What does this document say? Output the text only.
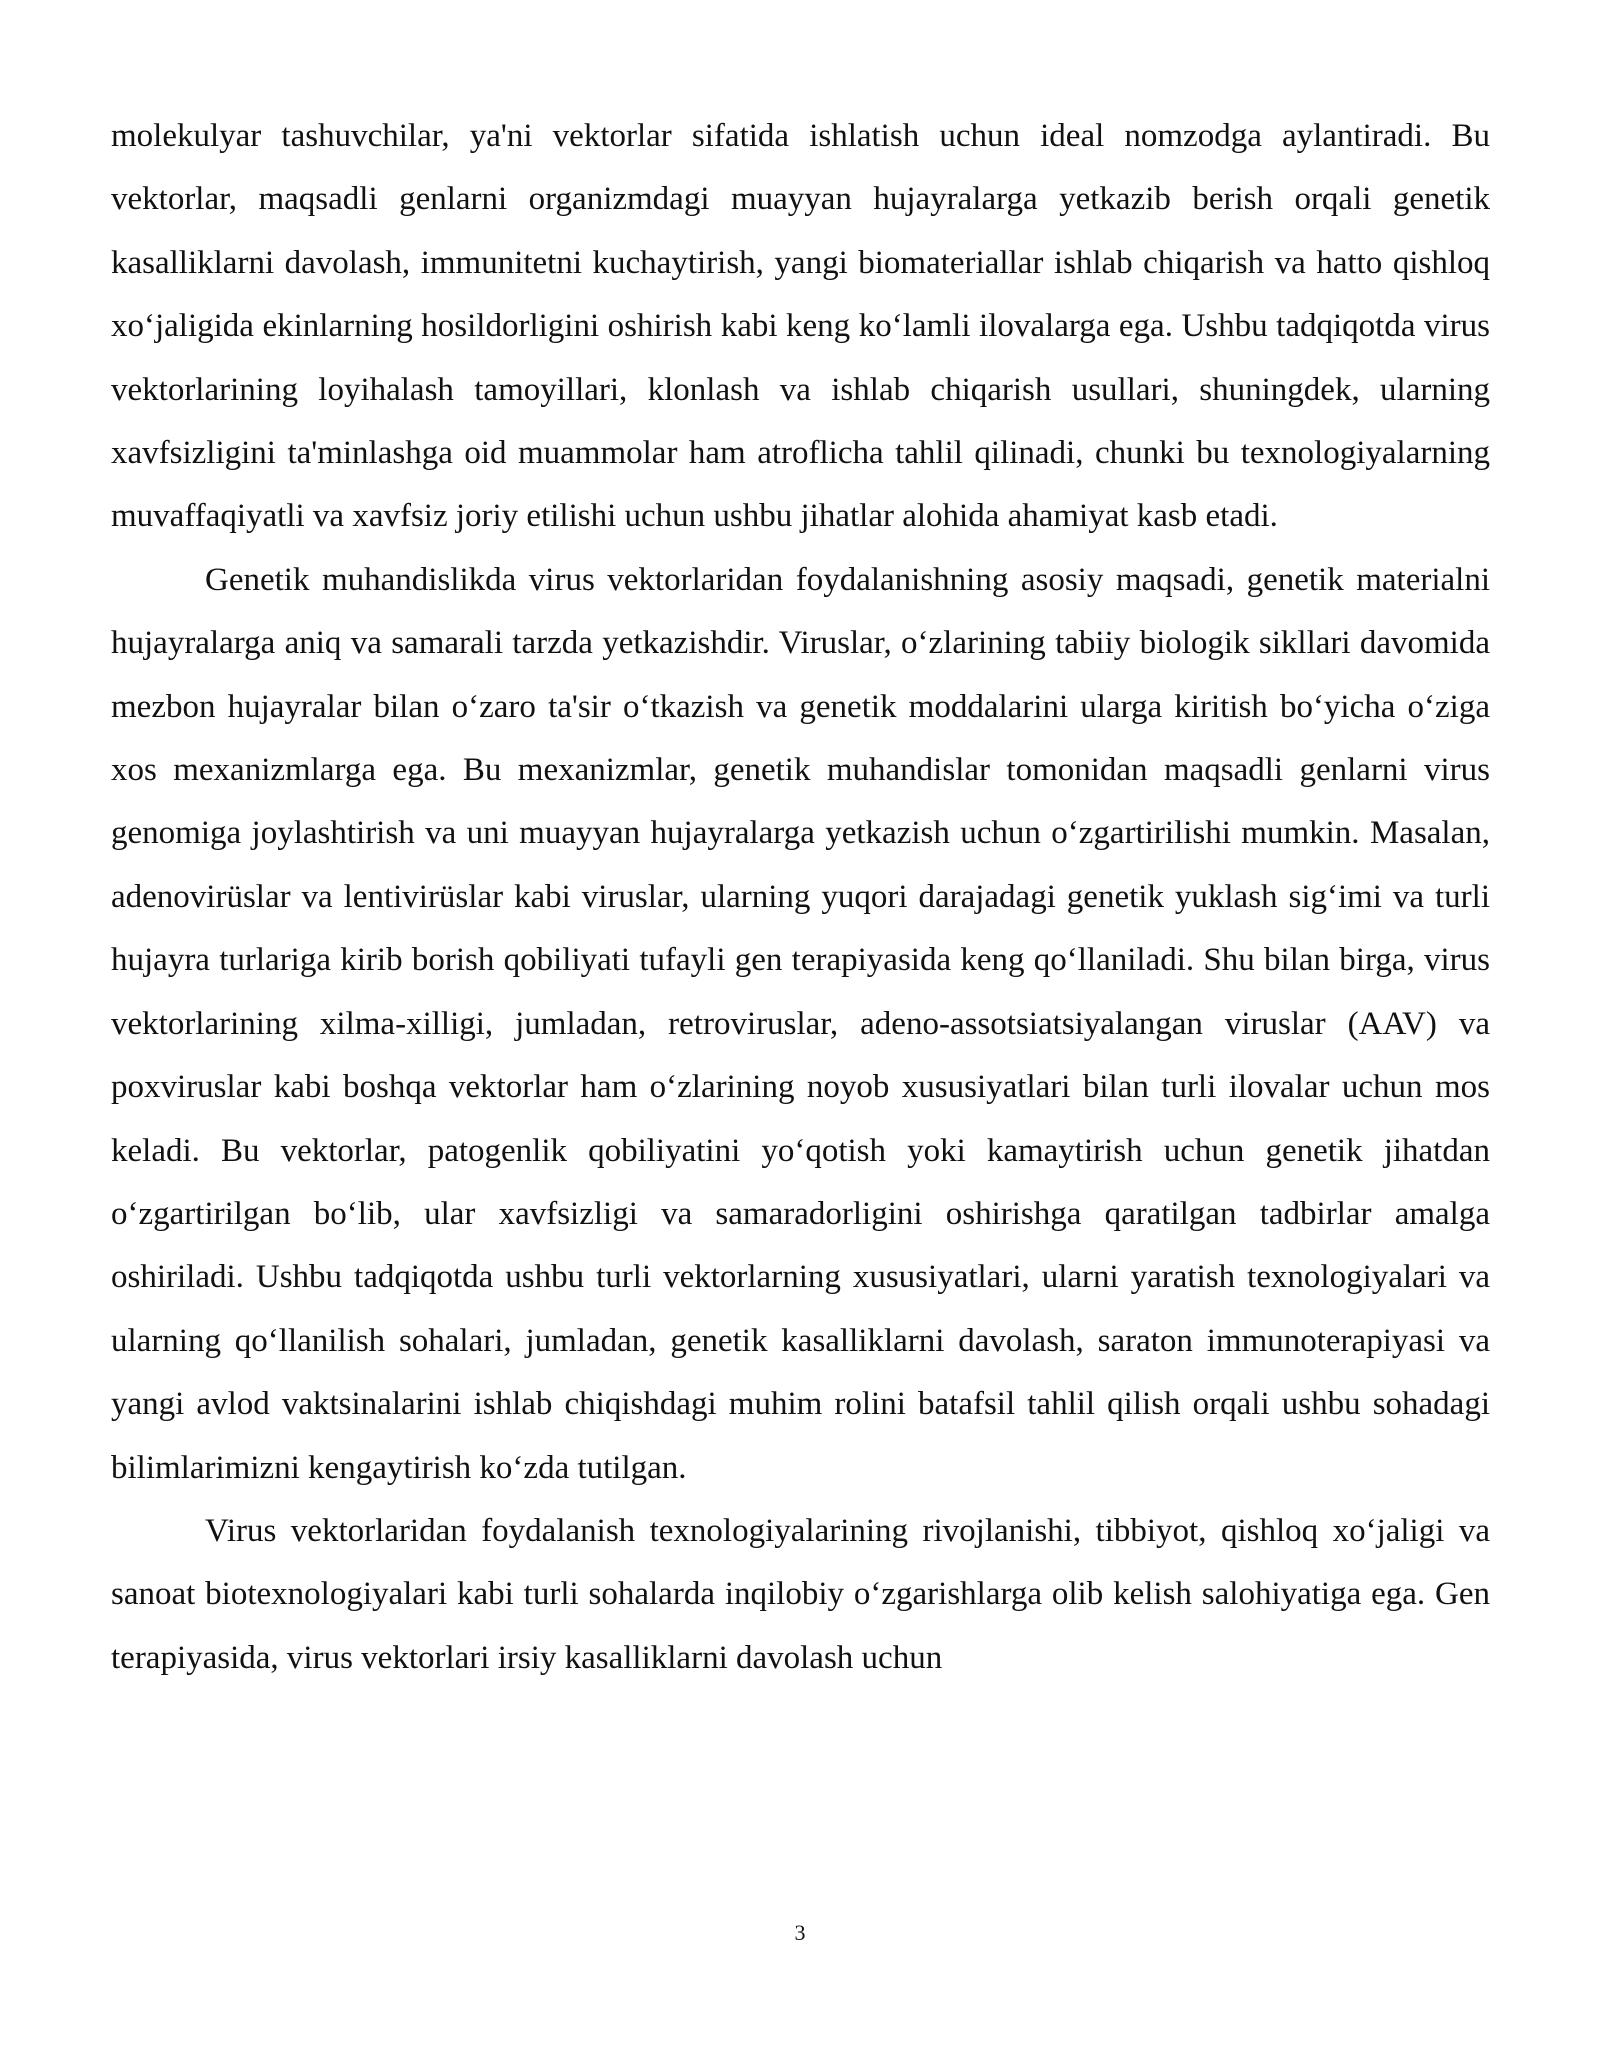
molekulyar tashuvchilar, ya'ni vektorlar sifatida ishlatish uchun ideal nomzodga aylantiradi. Bu vektorlar, maqsadli genlarni organizmdagi muayyan hujayralarga yetkazib berish orqali genetik kasalliklarni davolash, immunitetni kuchaytirish, yangi biomateriallar ishlab chiqarish va hatto qishloq xo‘jaligida ekinlarning hosildorligini oshirish kabi keng ko‘lamli ilovalarga ega. Ushbu tadqiqotda virus vektorlarining loyihalash tamoyillari, klonlash va ishlab chiqarish usullari, shuningdek, ularning xavfsizligini ta'minlashga oid muammolar ham atroflicha tahlil qilinadi, chunki bu texnologiyalarning muvaffaqiyatli va xavfsiz joriy etilishi uchun ushbu jihatlar alohida ahamiyat kasb etadi.

Genetik muhandislikda virus vektorlaridan foydalanishning asosiy maqsadi, genetik materialni hujayralarga aniq va samarali tarzda yetkazishdir. Viruslar, o‘zlarining tabiiy biologik sikllari davomida mezbon hujayralar bilan o‘zaro ta'sir o‘tkazish va genetik moddalarini ularga kiritish bo‘yicha o‘ziga xos mexanizmlarga ega. Bu mexanizmlar, genetik muhandislar tomonidan maqsadli genlarni virus genomiga joylashtirish va uni muayyan hujayralarga yetkazish uchun o‘zgartirilishi mumkin. Masalan, adenovirüslar va lentivirüslar kabi viruslar, ularning yuqori darajadagi genetik yuklash sig‘imi va turli hujayra turlariga kirib borish qobiliyati tufayli gen terapiyasida keng qo‘llaniladi. Shu bilan birga, virus vektorlarining xilma-xilligi, jumladan, retroviruslar, adeno-assotsiatsiyalangan viruslar (AAV) va poxviruslar kabi boshqa vektorlar ham o‘zlarining noyob xususiyatlari bilan turli ilovalar uchun mos keladi. Bu vektorlar, patogenlik qobiliyatini yo‘qotish yoki kamaytirish uchun genetik jihatdan o‘zgartirilgan bo‘lib, ular xavfsizligi va samaradorligini oshirishga qaratilgan tadbirlar amalga oshiriladi. Ushbu tadqiqotda ushbu turli vektorlarning xususiyatlari, ularni yaratish texnologiyalari va ularning qo‘llanilish sohalari, jumladan, genetik kasalliklarni davolash, saraton immunoterapiyasi va yangi avlod vaktsinalarini ishlab chiqishdagi muhim rolini batafsil tahlil qilish orqali ushbu sohadagi bilimlarimizni kengaytirish ko‘zda tutilgan.

Virus vektorlaridan foydalanish texnologiyalarining rivojlanishi, tibbiyot, qishloq xo‘jaligi va sanoat biotexnologiyalari kabi turli sohalarda inqilobiy o‘zgarishlarga olib kelish salohiyatiga ega. Gen terapiyasida, virus vektorlari irsiy kasalliklarni davolash uchun

3
